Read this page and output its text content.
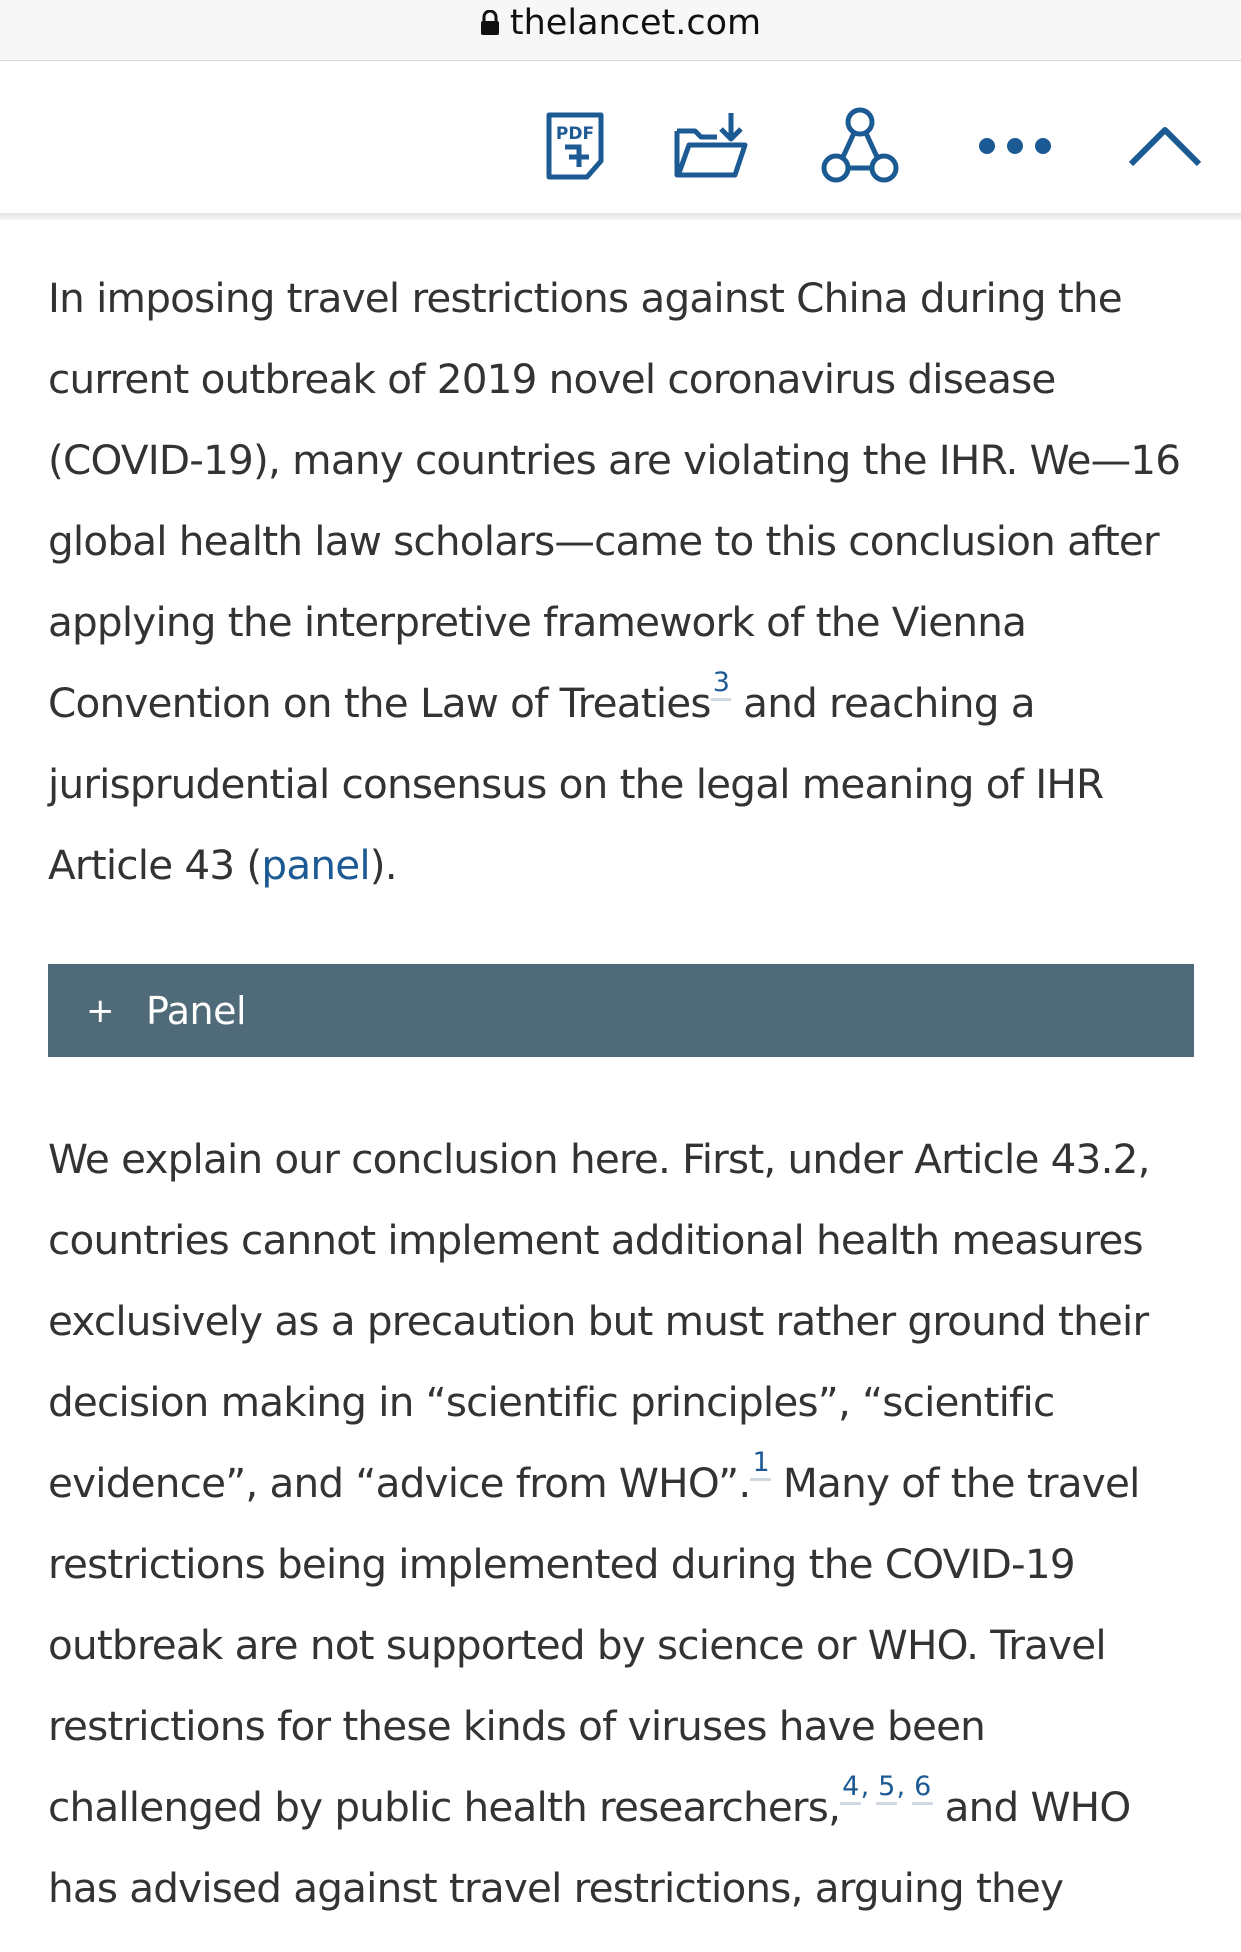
thelancet.com
PDF

In imposing travel restrictions against China during the current outbreak of 2019 novel coronavirus disease (COVID-19), many countries are violating the IHR. We—16 global health law scholars—came to this conclusion after applying the interpretive framework of the Vienna Convention on the Law of Treaties$^3$ and reaching a jurisprudential consensus on the legal meaning of IHR Article 43 (panel).

+ Panel

We explain our conclusion here. First, under Article 43.2, countries cannot implement additional health measures exclusively as a precaution but must rather ground their decision making in “scientific principles”, “scientific evidence”, and “advice from WHO”.$^1$ Many of the travel restrictions being implemented during the COVID-19 outbreak are not supported by science or WHO. Travel restrictions for these kinds of viruses have been challenged by public health researchers,$^{4,}$ $^{5,}$ $^6$ and WHO has advised against travel restrictions, arguing they
